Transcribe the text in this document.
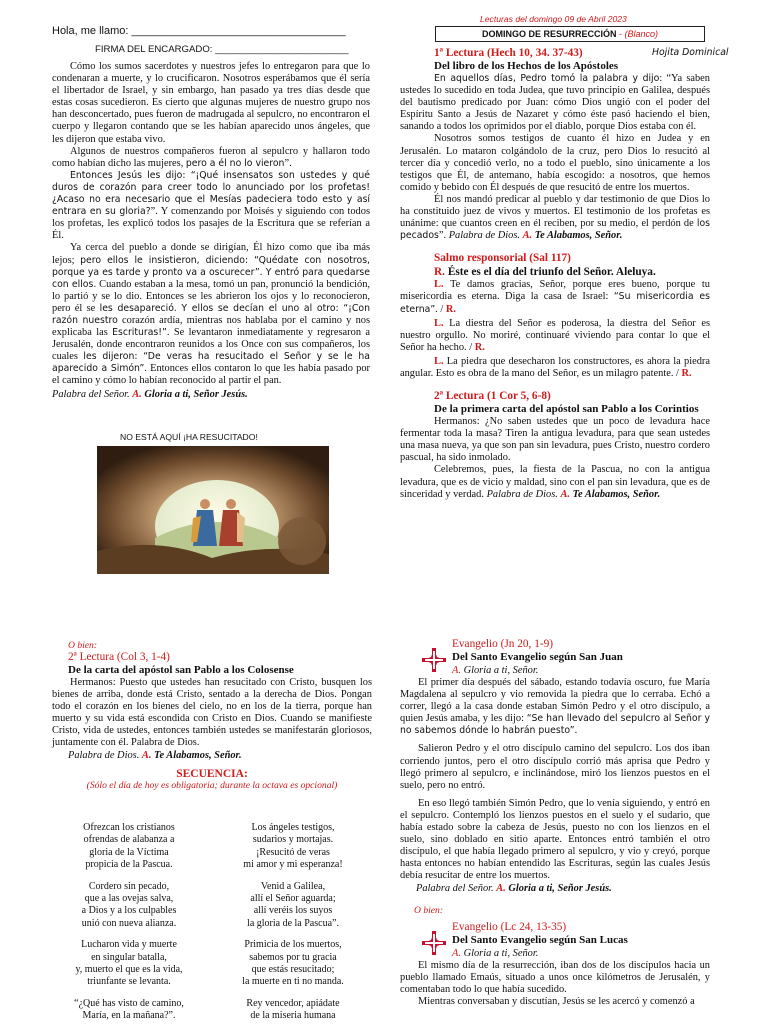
Hola, me llamo: ___________________________________
FIRMA DEL ENCARGADO: _________________________
Lecturas del domingo 09 de Abril 2023
DOMINGO DE RESURRECCIÓN - (Blanco)
Hojita Dominical

Cómo los sumos sacerdotes y nuestros jefes lo entregaron para que lo condenaran a muerte, y lo crucificaron. Nosotros esperábamos que él sería el libertador de Israel, y sin embargo, han pasado ya tres días desde que estas cosas sucedieron. Es cierto que algunas mujeres de nuestro grupo nos han desconcertado, pues fueron de madrugada al sepulcro, no encontraron el cuerpo y llegaron contando que se les habían aparecido unos ángeles, que les dijeron que estaba vivo.

Algunos de nuestros compañeros fueron al sepulcro y hallaron todo como habían dicho las mujeres, pero a él no lo vieron”.

Entonces Jesús les dijo: “¡Qué insensatos son ustedes y qué duros de corazón para creer todo lo anunciado por los profetas! ¿Acaso no era necesario que el Mesías padeciera todo esto y así entrara en su gloria?”. Y comenzando por Moisés y siguiendo con todos los profetas, les explicó todos los pasajes de la Escritura que se referían a Él.

Ya cerca del pueblo a donde se dirigían, Él hizo como que iba más lejos; pero ellos le insistieron, diciendo: “Quédate con nosotros, porque ya es tarde y pronto va a oscurecer”. Y entró para quedarse con ellos. Cuando estaban a la mesa, tomó un pan, pronunció la bendición, lo partió y se lo dio. Entonces se les abrieron los ojos y lo reconocieron, pero él se les desapareció. Y ellos se decían el uno al otro: “¡Con razón nuestro corazón ardía, mientras nos hablaba por el camino y nos explicaba las Escrituras!”. Se levantaron inmediatamente y regresaron a Jerusalén, donde encontraron reunidos a los Once con sus compañeros, los cuales les dijeron: “De veras ha resucitado el Señor y se le ha aparecido a Simón”. Entonces ellos contaron lo que les había pasado por el camino y cómo lo habían reconocido al partir el pan.

Palabra del Señor. A. Gloria a ti, Señor Jesús.

NO ESTÁ AQUÍ ¡HA RESUCITADO!

1ª Lectura (Hech 10, 34. 37-43)

Del libro de los Hechos de los Apóstoles

En aquellos días, Pedro tomó la palabra y dijo: “Ya saben ustedes lo sucedido en toda Judea, que tuvo principio en Galilea, después del bautismo predicado por Juan: cómo Dios ungió con el poder del Espíritu Santo a Jesús de Nazaret y cómo éste pasó haciendo el bien, sanando a todos los oprimidos por el diablo, porque Dios estaba con él.

Nosotros somos testigos de cuanto él hizo en Judea y en Jerusalén. Lo mataron colgándolo de la cruz, pero Dios lo resucitó al tercer día y concedió verlo, no a todo el pueblo, sino únicamente a los testigos que Él, de antemano, había escogido: a nosotros, que hemos comido y bebido con Él después de que resucitó de entre los muertos.

Él nos mandó predicar al pueblo y dar testimonio de que Dios lo ha constituido juez de vivos y muertos. El testimonio de los profetas es unánime: que cuantos creen en él reciben, por su medio, el perdón de los pecados”. Palabra de Dios. A. Te Alabamos, Señor.

Salmo responsorial (Sal 117)

R. Éste es el día del triunfo del Señor. Aleluya.

L. Te damos gracias, Señor, porque eres bueno, porque tu misericordia es eterna. Diga la casa de Israel: “Su misericordia es eterna”. / R.

L. La diestra del Señor es poderosa, la diestra del Señor es nuestro orgullo. No moriré, continuaré viviendo para contar lo que el Señor ha hecho. / R.

L. La piedra que desecharon los constructores, es ahora la piedra angular. Esto es obra de la mano del Señor, es un milagro patente. / R.

2ª Lectura (1 Cor 5, 6-8)

De la primera carta del apóstol san Pablo a los Corintios

Hermanos: ¿No saben ustedes que un poco de levadura hace fermentar toda la masa? Tiren la antigua levadura, para que sean ustedes una masa nueva, ya que son pan sin levadura, pues Cristo, nuestro cordero pascual, ha sido inmolado.

Celebremos, pues, la fiesta de la Pascua, no con la antigua levadura, que es de vicio y maldad, sino con el pan sin levadura, que es de sinceridad y verdad. Palabra de Dios. A. Te Alabamos, Señor.

O bien:

2ª Lectura (Col 3, 1-4)

De la carta del apóstol san Pablo a los Colosense

Hermanos: Puesto que ustedes han resucitado con Cristo, busquen los bienes de arriba, donde está Cristo, sentado a la derecha de Dios. Pongan todo el corazón en los bienes del cielo, no en los de la tierra, porque han muerto y su vida está escondida con Cristo en Dios. Cuando se manifieste Cristo, vida de ustedes, entonces también ustedes se manifestarán gloriosos, juntamente con él. Palabra de Dios.

Palabra de Dios. A. Te Alabamos, Señor.

SECUENCIA:

(Sólo el día de hoy es obligatoria; durante la octava es opcional)

Ofrezcan los cristianos
ofrendas de alabanza a
gloria de la Víctima
propicia de la Pascua.
Cordero sin pecado,
que a las ovejas salva,
a Dios y a los culpables
unió con nueva alianza.
Lucharon vida y muerte
en singular batalla,
y, muerto el que es la vida,
triunfante se levanta.
“¿Qué has visto de camino,
María, en la mañana?”.
Los ángeles testigos,
sudarios y mortajas.
¡Resucitó de veras
mi amor y mi esperanza!
Venid a Galilea,
allí el Señor aguarda;
allí veréis los suyos
la gloria de la Pascua”.
Primicia de los muertos,
sabemos por tu gracia
que estás resucitado;
la muerte en ti no manda.
Rey vencedor, apiádate
de la miseria humana

Evangelio (Jn 20, 1-9)

Del Santo Evangelio según San Juan

A. Gloria a ti, Señor.

El primer día después del sábado, estando todavía oscuro, fue María Magdalena al sepulcro y vio removida la piedra que lo cerraba. Echó a correr, llegó a la casa donde estaban Simón Pedro y el otro discípulo, a quien Jesús amaba, y les dijo: “Se han llevado del sepulcro al Señor y no sabemos dónde lo habrán puesto”.

Salieron Pedro y el otro discípulo camino del sepulcro. Los dos iban corriendo juntos, pero el otro discípulo corrió más aprisa que Pedro y llegó primero al sepulcro, e inclinándose, miró los lienzos puestos en el suelo, pero no entró.

En eso llegó también Simón Pedro, que lo venía siguiendo, y entró en el sepulcro. Contempló los lienzos puestos en el suelo y el sudario, que había estado sobre la cabeza de Jesús, puesto no con los lienzos en el suelo, sino doblado en sitio aparte. Entonces entró también el otro discípulo, el que había llegado primero al sepulcro, y vio y creyó, porque hasta entonces no habían entendido las Escrituras, según las cuales Jesús debía resucitar de entre los muertos.

Palabra del Señor. A. Gloria a ti, Señor Jesús.

O bien:

Evangelio (Lc 24, 13-35)

Del Santo Evangelio según San Lucas

A. Gloria a ti, Señor.

El mismo día de la resurrección, iban dos de los discípulos hacia un pueblo llamado Emaús, situado a unos once kilómetros de Jerusalén, y comentaban todo lo que había sucedido.

Mientras conversaban y discutían, Jesús se les acercó y comenzó a
